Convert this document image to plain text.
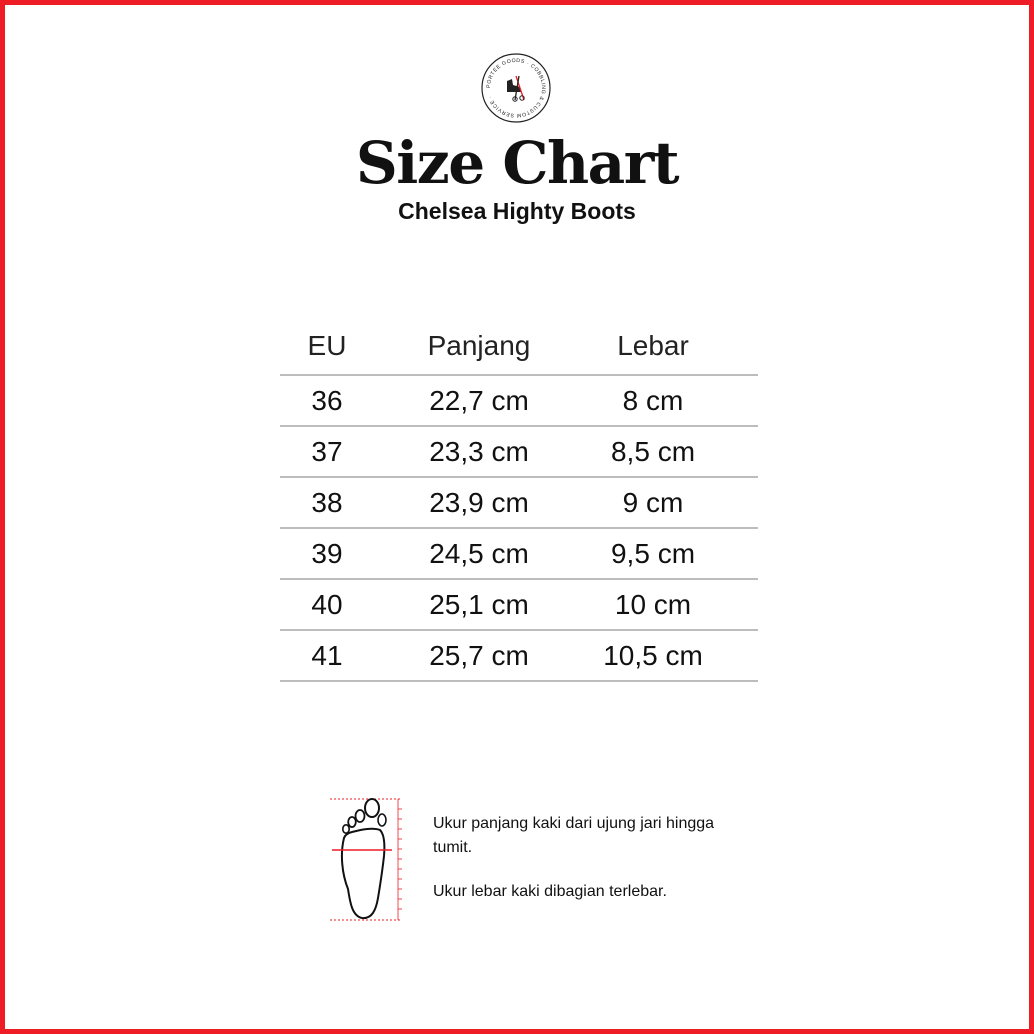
PORTEE GOODS · COBBLING & CUSTOM SERVICE ·
Size Chart
Chelsea Highty Boots
EU	Panjang	Lebar
36	22,7 cm	8 cm
37	23,3 cm	8,5 cm
38	23,9 cm	9 cm
39	24,5 cm	9,5 cm
40	25,1 cm	10 cm
41	25,7 cm	10,5 cm

Ukur panjang kaki dari ujung jari hingga tumit.

Ukur lebar kaki dibagian terlebar.
